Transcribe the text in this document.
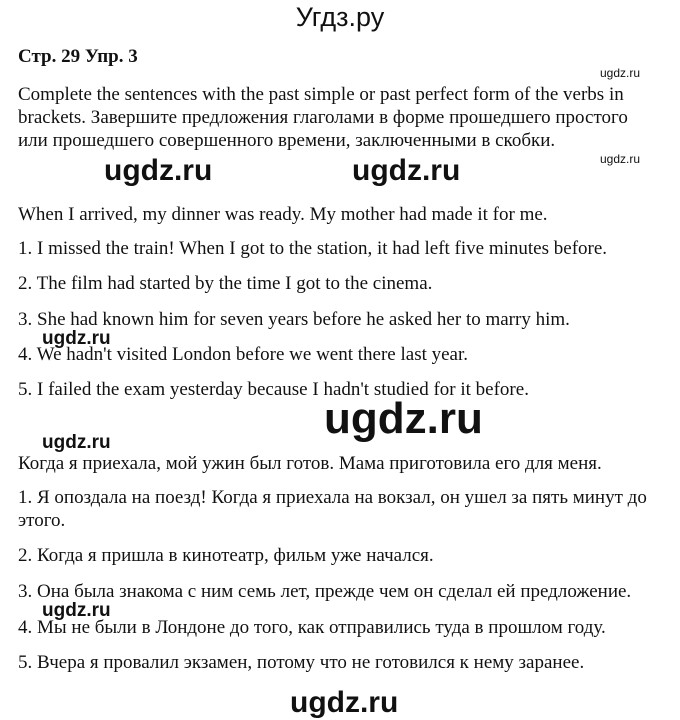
Угдз.ру
Стр. 29 Упр. 3
Complete the sentences with the past simple or past perfect form of the verbs in
brackets. Завершите предложения глаголами в форме прошедшего простого
или прошедшего совершенного времени, заключенными в скобки.
When I arrived, my dinner was ready. My mother had made it for me.
1. I missed the train! When I got to the station, it had left five minutes before.
2. The film had started by the time I got to the cinema.
3. She had known him for seven years before he asked her to marry him.
4. We hadn't visited London before we went there last year.
5. I failed the exam yesterday because I hadn't studied for it before.
Когда я приехала, мой ужин был готов. Мама приготовила его для меня.
1. Я опоздала на поезд! Когда я приехала на вокзал, он ушел за пять минут до
этого.
2. Когда я пришла в кинотеатр, фильм уже начался.
3. Она была знакома с ним семь лет, прежде чем он сделал ей предложение.
4. Мы не были в Лондоне до того, как отправились туда в прошлом году.
5. Вчера я провалил экзамен, потому что не готовился к нему заранее.
ugdz.ru
ugdz.ru
ugdz.ru	ugdz.ru
ugdz.ru
ugdz.ru
ugdz.ru
ugdz.ru
ugdz.ru
